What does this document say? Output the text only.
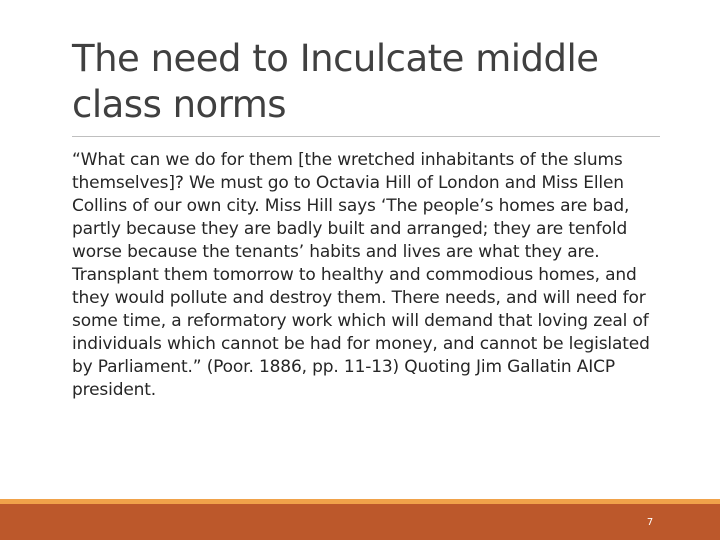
The need to Inculcate middle class norms

“What can we do for them [the wretched inhabitants of the slums themselves]? We must go to Octavia Hill of London and Miss Ellen Collins of our own city. Miss Hill says ‘The people’s homes are bad, partly because they are badly built and arranged; they are tenfold worse because the tenants’ habits and lives are what they are. Transplant them tomorrow to healthy and commodious homes, and they would pollute and destroy them. There needs, and will need for some time, a reformatory work which will demand that loving zeal of individuals which cannot be had for money, and cannot be legislated by Parliament.” (Poor. 1886, pp. 11-13) Quoting Jim Gallatin AICP president.

7
